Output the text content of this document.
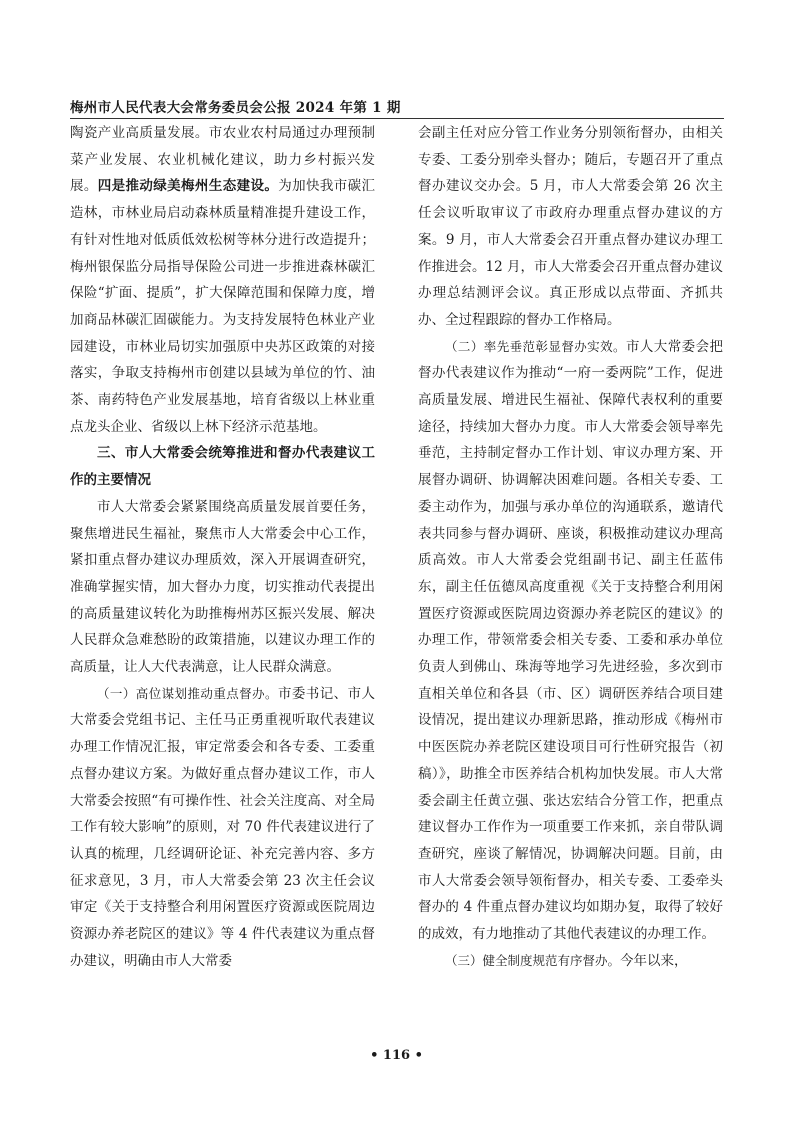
梅州市人民代表大会常务委员会公报 2024 年第 1 期

陶瓷产业高质量发展。市农业农村局通过办理预制菜产业发展、农业机械化建议，助力乡村振兴发展。四是推动绿美梅州生态建设。为加快我市碳汇造林，市林业局启动森林质量精准提升建设工作，有针对性地对低质低效松树等林分进行改造提升；梅州银保监分局指导保险公司进一步推进森林碳汇保险“扩面、提质”，扩大保障范围和保障力度，增加商品林碳汇固碳能力。为支持发展特色林业产业园建设，市林业局切实加强原中央苏区政策的对接落实，争取支持梅州市创建以县域为单位的竹、油茶、南药特色产业发展基地，培育省级以上林业重点龙头企业、省级以上林下经济示范基地。

三、市人大常委会统筹推进和督办代表建议工作的主要情况

市人大常委会紧紧围绕高质量发展首要任务，聚焦增进民生福祉，聚焦市人大常委会中心工作，紧扣重点督办建议办理质效，深入开展调查研究，准确掌握实情，加大督办力度，切实推动代表提出的高质量建议转化为助推梅州苏区振兴发展、解决人民群众急难愁盼的政策措施，以建议办理工作的高质量，让人大代表满意，让人民群众满意。

（一）高位谋划推动重点督办。市委书记、市人大常委会党组书记、主任马正勇重视听取代表建议办理工作情况汇报，审定常委会和各专委、工委重点督办建议方案。为做好重点督办建议工作，市人大常委会按照“有可操作性、社会关注度高、对全局工作有较大影响”的原则，对 70 件代表建议进行了认真的梳理，几经调研论证、补充完善内容、多方征求意见，3 月，市人大常委会第 23 次主任会议审定《关于支持整合利用闲置医疗资源或医院周边资源办养老院区的建议》等 4 件代表建议为重点督办建议，明确由市人大常委

会副主任对应分管工作业务分别领衔督办，由相关专委、工委分别牵头督办；随后，专题召开了重点督办建议交办会。5 月，市人大常委会第 26 次主任会议听取审议了市政府办理重点督办建议的方案。9 月，市人大常委会召开重点督办建议办理工作推进会。12 月，市人大常委会召开重点督办建议办理总结测评会议。真正形成以点带面、齐抓共办、全过程跟踪的督办工作格局。

（二）率先垂范彰显督办实效。市人大常委会把督办代表建议作为推动“一府一委两院”工作，促进高质量发展、增进民生福祉、保障代表权利的重要途径，持续加大督办力度。市人大常委会领导率先垂范，主持制定督办工作计划、审议办理方案、开展督办调研、协调解决困难问题。各相关专委、工委主动作为，加强与承办单位的沟通联系，邀请代表共同参与督办调研、座谈，积极推动建议办理高质高效。市人大常委会党组副书记、副主任蓝伟东，副主任伍德凤高度重视《关于支持整合利用闲置医疗资源或医院周边资源办养老院区的建议》的办理工作，带领常委会相关专委、工委和承办单位负责人到佛山、珠海等地学习先进经验，多次到市直相关单位和各县（市、区）调研医养结合项目建设情况，提出建议办理新思路，推动形成《梅州市中医医院办养老院区建设项目可行性研究报告（初稿）》，助推全市医养结合机构加快发展。市人大常委会副主任黄立强、张达宏结合分管工作，把重点建议督办工作作为一项重要工作来抓，亲自带队调查研究，座谈了解情况，协调解决问题。目前，由市人大常委会领导领衔督办，相关专委、工委牵头督办的 4 件重点督办建议均如期办复，取得了较好的成效，有力地推动了其他代表建议的办理工作。

（三）健全制度规范有序督办。今年以来，

• 116 •
